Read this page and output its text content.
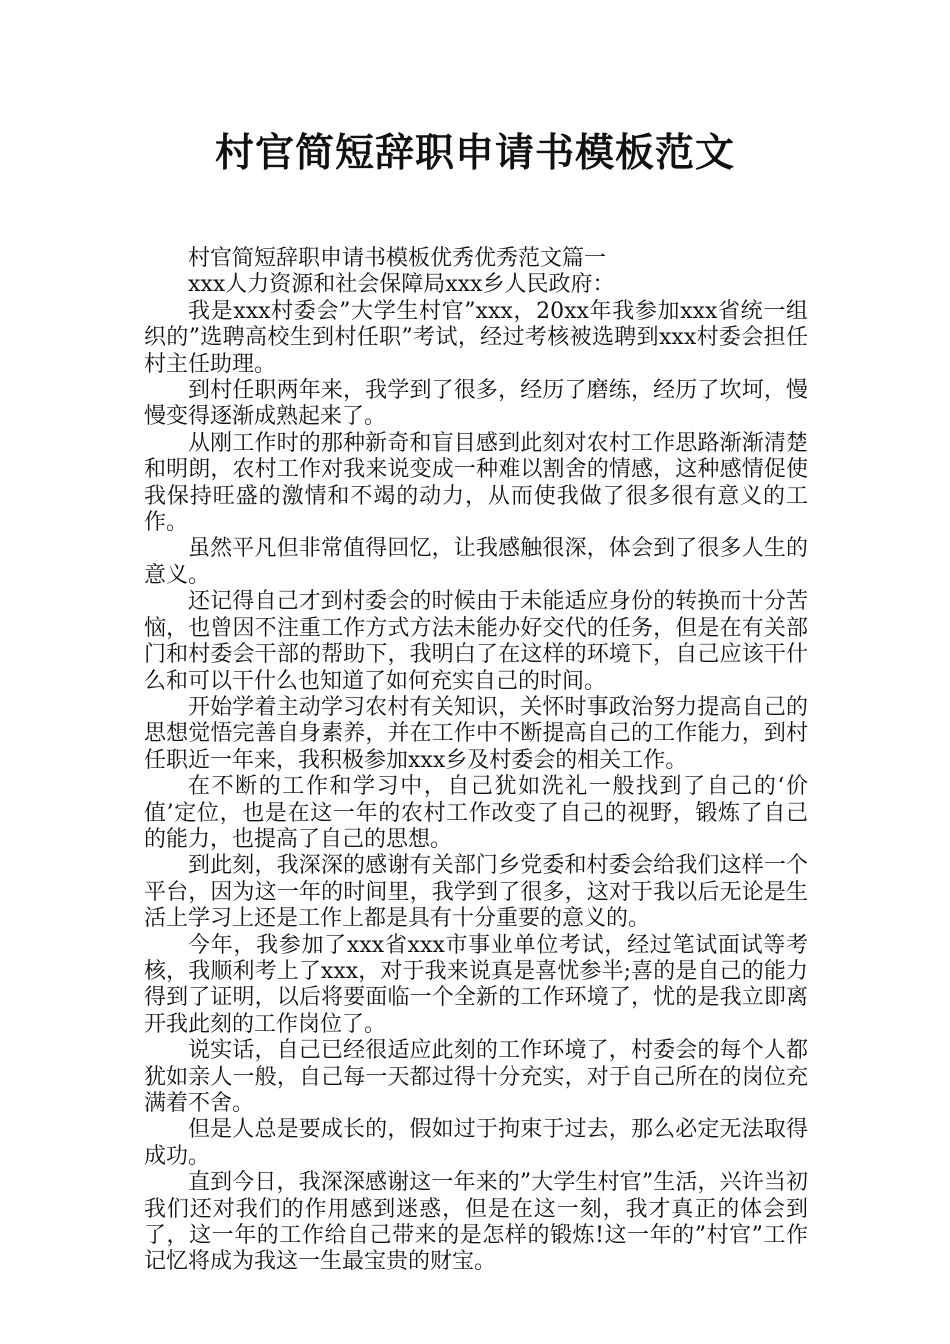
村官简短辞职申请书模板范文

村官简短辞职申请书模板优秀优秀范文篇一

xxx人力资源和社会保障局xxx乡人民政府：

我是xxx村委会”大学生村官”xxx，20xx年我参加xxx省统一组织的”选聘高校生到村任职”考试，经过考核被选聘到xxx村委会担任村主任助理。

到村任职两年来，我学到了很多，经历了磨练，经历了坎坷，慢慢变得逐渐成熟起来了。

从刚工作时的那种新奇和盲目感到此刻对农村工作思路渐渐清楚和明朗，农村工作对我来说变成一种难以割舍的情感，这种感情促使我保持旺盛的激情和不竭的动力，从而使我做了很多很有意义的工作。

虽然平凡但非常值得回忆，让我感触很深，体会到了很多人生的意义。

还记得自己才到村委会的时候由于未能适应身份的转换而十分苦恼，也曾因不注重工作方式方法未能办好交代的任务，但是在有关部门和村委会干部的帮助下，我明白了在这样的环境下，自己应该干什么和可以干什么也知道了如何充实自己的时间。

开始学着主动学习农村有关知识，关怀时事政治努力提高自己的思想觉悟完善自身素养，并在工作中不断提高自己的工作能力，到村任职近一年来，我积极参加xxx乡及村委会的相关工作。

在不断的工作和学习中，自己犹如洗礼一般找到了自己的‘价值’定位，也是在这一年的农村工作改变了自己的视野，锻炼了自己的能力，也提高了自己的思想。

到此刻，我深深的感谢有关部门乡党委和村委会给我们这样一个平台，因为这一年的时间里，我学到了很多，这对于我以后无论是生活上学习上还是工作上都是具有十分重要的意义的。

今年，我参加了xxx省xxx市事业单位考试，经过笔试面试等考核，我顺利考上了xxx，对于我来说真是喜忧参半;喜的是自己的能力得到了证明，以后将要面临一个全新的工作环境了，忧的是我立即离开我此刻的工作岗位了。

说实话，自己已经很适应此刻的工作环境了，村委会的每个人都犹如亲人一般，自己每一天都过得十分充实，对于自己所在的岗位充满着不舍。

但是人总是要成长的，假如过于拘束于过去，那么必定无法取得成功。

直到今日，我深深感谢这一年来的”大学生村官”生活，兴许当初我们还对我们的作用感到迷惑，但是在这一刻，我才真正的体会到了，这一年的工作给自己带来的是怎样的锻炼!这一年的”村官”工作记忆将成为我这一生最宝贵的财宝。
